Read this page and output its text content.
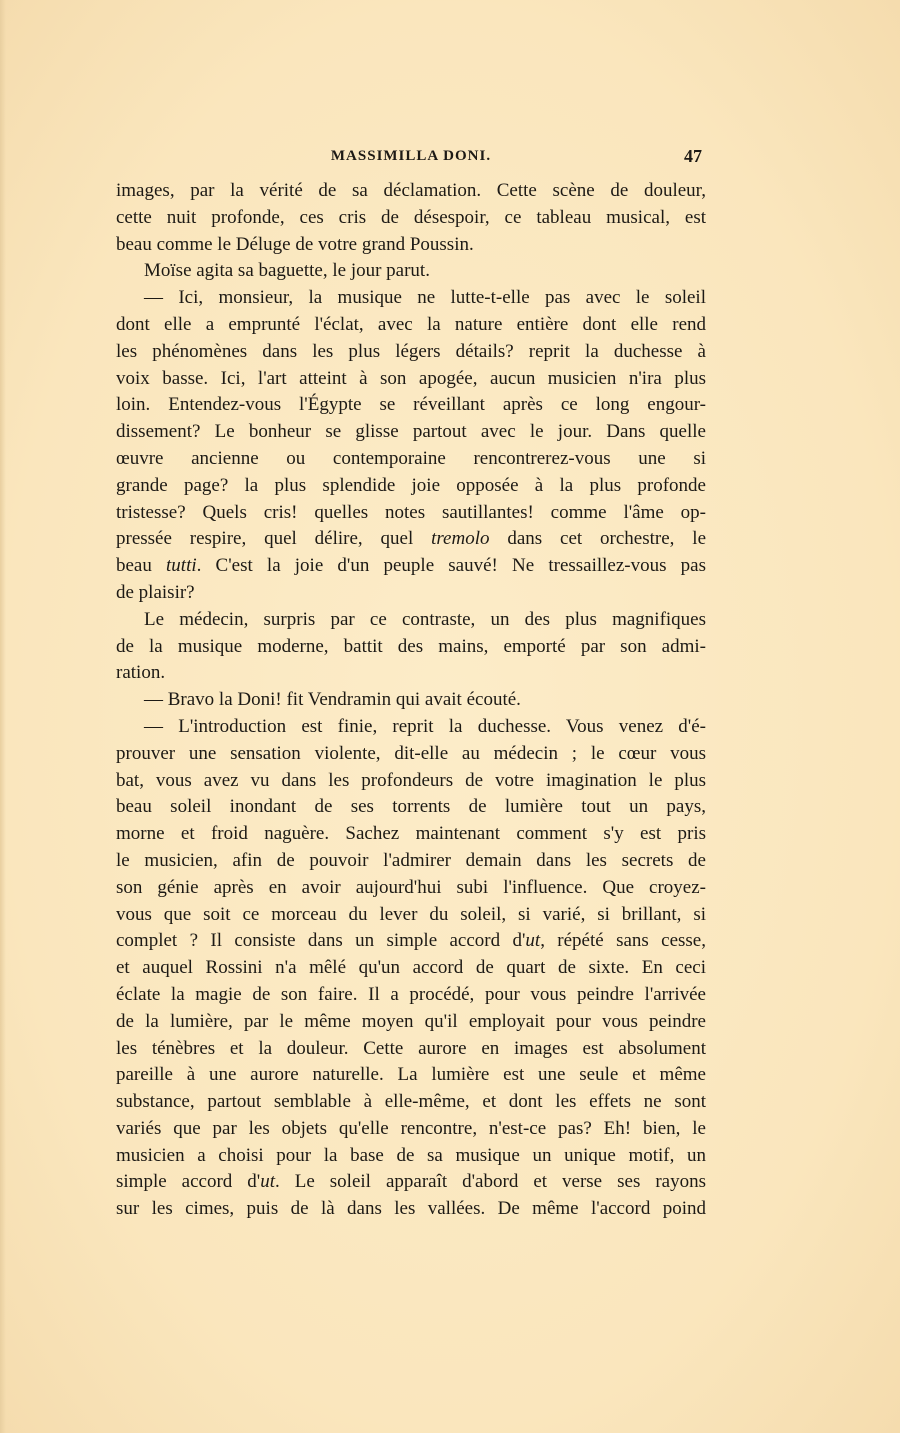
MASSIMILLA DONI.	47
images, par la vérité de sa déclamation. Cette scène de douleur,
cette nuit profonde, ces cris de désespoir, ce tableau musical, est
beau comme le Déluge de votre grand Poussin.
Moïse agita sa baguette, le jour parut.
— Ici, monsieur, la musique ne lutte-t-elle pas avec le soleil
dont elle a emprunté l'éclat, avec la nature entière dont elle rend
les phénomènes dans les plus légers détails? reprit la duchesse à
voix basse. Ici, l'art atteint à son apogée, aucun musicien n'ira plus
loin. Entendez-vous l'Égypte se réveillant après ce long engour-
dissement? Le bonheur se glisse partout avec le jour. Dans quelle
œuvre ancienne ou contemporaine rencontrerez-vous une si
grande page? la plus splendide joie opposée à la plus profonde
tristesse? Quels cris! quelles notes sautillantes! comme l'âme op-
pressée respire, quel délire, quel tremolo dans cet orchestre, le
beau tutti. C'est la joie d'un peuple sauvé! Ne tressaillez-vous pas
de plaisir?
Le médecin, surpris par ce contraste, un des plus magnifiques
de la musique moderne, battit des mains, emporté par son admi-
ration.
— Bravo la Doni! fit Vendramin qui avait écouté.
— L'introduction est finie, reprit la duchesse. Vous venez d'é-
prouver une sensation violente, dit-elle au médecin ; le cœur vous
bat, vous avez vu dans les profondeurs de votre imagination le plus
beau soleil inondant de ses torrents de lumière tout un pays,
morne et froid naguère. Sachez maintenant comment s'y est pris
le musicien, afin de pouvoir l'admirer demain dans les secrets de
son génie après en avoir aujourd'hui subi l'influence. Que croyez-
vous que soit ce morceau du lever du soleil, si varié, si brillant, si
complet ? Il consiste dans un simple accord d'ut, répété sans cesse,
et auquel Rossini n'a mêlé qu'un accord de quart de sixte. En ceci
éclate la magie de son faire. Il a procédé, pour vous peindre l'arrivée
de la lumière, par le même moyen qu'il employait pour vous peindre
les ténèbres et la douleur. Cette aurore en images est absolument
pareille à une aurore naturelle. La lumière est une seule et même
substance, partout semblable à elle-même, et dont les effets ne sont
variés que par les objets qu'elle rencontre, n'est-ce pas? Eh! bien, le
musicien a choisi pour la base de sa musique un unique motif, un
simple accord d'ut. Le soleil apparaît d'abord et verse ses rayons
sur les cimes, puis de là dans les vallées. De même l'accord poind
